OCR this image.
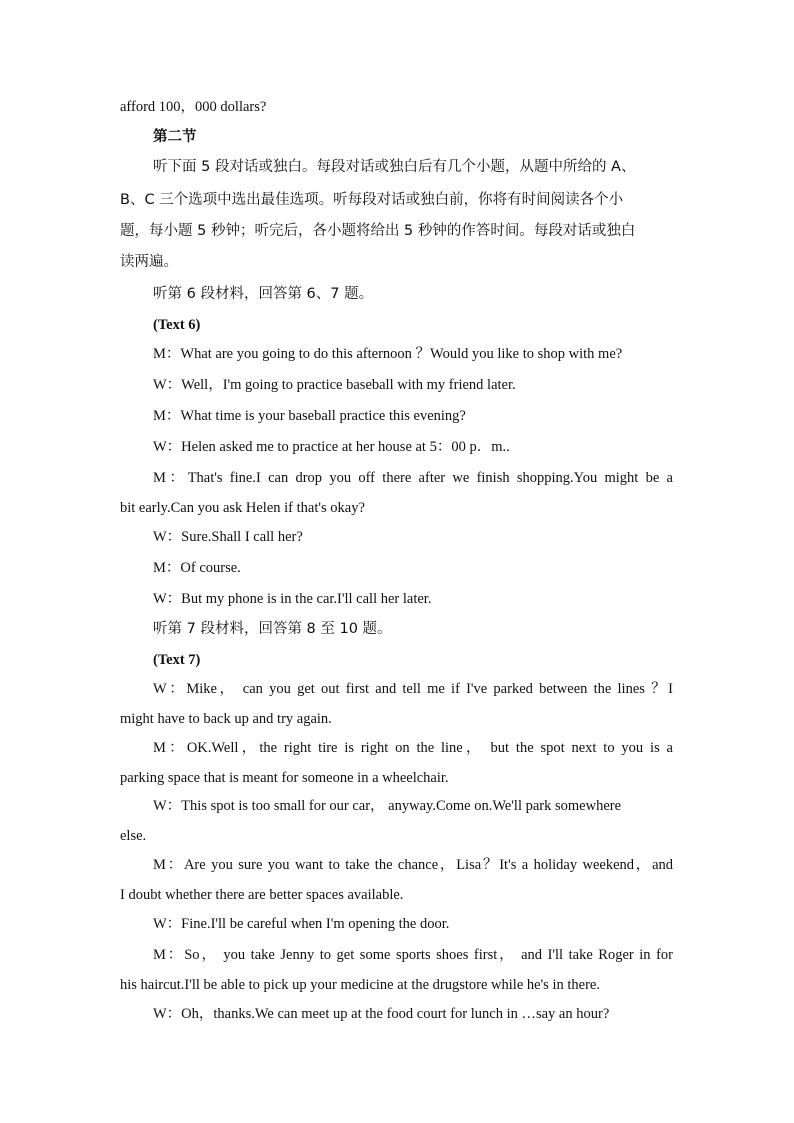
afford 100，000 dollars?
第二节
听下面 5 段对话或独白。每段对话或独白后有几个小题，从题中所给的 A、
B、C 三个选项中选出最佳选项。听每段对话或独白前，你将有时间阅读各个小
题，每小题 5 秒钟；听完后，各小题将给出 5 秒钟的作答时间。每段对话或独白
读两遍。
听第 6 段材料，回答第 6、7 题。
(Text 6)
M：What are you going to do this afternoon ？Would you like to shop with me?
W：Well，I'm going to practice baseball with my friend later.
M：What time is your baseball practice this evening?
W：Helen asked me to practice at her house at 5：00 p．m..
M：That's fine.I can drop you off there after we finish shopping.You might be a
bit early.Can you ask Helen if that's okay?
W：Sure.Shall I call her?
M：Of course.
W：But my phone is in the car.I'll call her later.
听第 7 段材料，回答第 8 至 10 题。
(Text 7)
W：Mike， can you get out first and tell me if I've parked between the lines ？I
might have to back up and try again.
M：OK.Well，the right tire is right on the line， but the spot next to you is a
parking space that is meant for someone in a wheelchair.
W：This spot is too small for our car， anyway.Come on.We'll park somewhere
else.
M：Are you sure you want to take the chance，Lisa？It's a holiday weekend，and
I doubt whether there are better spaces available.
W：Fine.I'll be careful when I'm opening the door.
M：So， you take Jenny to get some sports shoes first， and I'll take Roger in for
his haircut.I'll be able to pick up your medicine at the drugstore while he's in there.
W：Oh，thanks.We can meet up at the food court for lunch in …say an hour?
